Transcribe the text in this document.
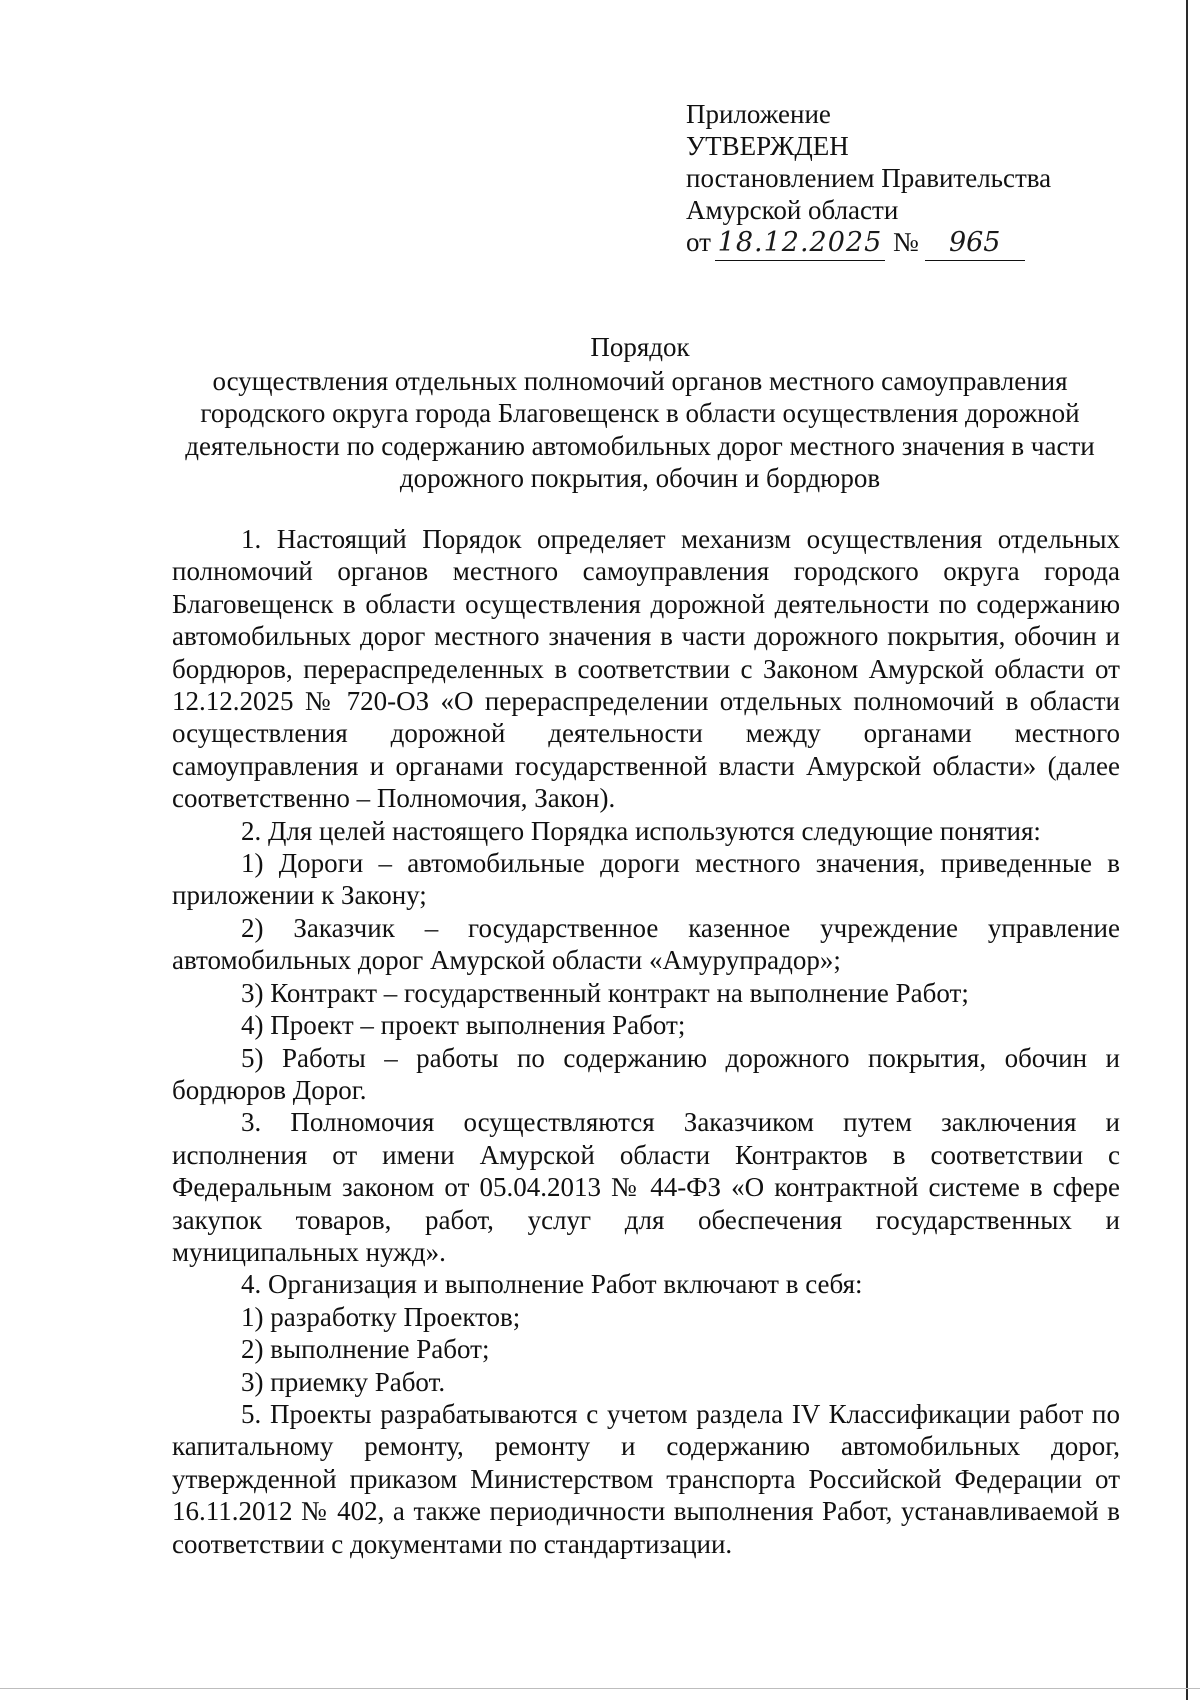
Приложение
УТВЕРЖДЕН
постановлением Правительства
Амурской области
от 18.12.2025 №	965
Порядок
осуществления отдельных полномочий органов местного самоуправления городского округа города Благовещенск в области осуществления дорожной деятельности по содержанию автомобильных дорог местного значения в части дорожного покрытия, обочин и бордюров

1. Настоящий Порядок определяет механизм осуществления отдельных полномочий органов местного самоуправления городского округа города Благовещенск в области осуществления дорожной деятельности по содержанию автомобильных дорог местного значения в части дорожного покрытия, обочин и бордюров, перераспределенных в соответствии с Законом Амурской области от 12.12.2025 № 720-ОЗ «О перераспределении отдельных полномочий в области осуществления дорожной деятельности между органами местного самоуправления и органами государственной власти Амурской области» (далее соответственно – Полномочия, Закон).

2. Для целей настоящего Порядка используются следующие понятия:

1) Дороги – автомобильные дороги местного значения, приведенные в приложении к Закону;

2) Заказчик – государственное казенное учреждение управление автомобильных дорог Амурской области «Амурупрадор»;

3) Контракт – государственный контракт на выполнение Работ;

4) Проект – проект выполнения Работ;

5) Работы – работы по содержанию дорожного покрытия, обочин и бордюров Дорог.

3. Полномочия осуществляются Заказчиком путем заключения и исполнения от имени Амурской области Контрактов в соответствии с Федеральным законом от 05.04.2013 № 44-ФЗ «О контрактной системе в сфере закупок товаров, работ, услуг для обеспечения государственных и муниципальных нужд».

4. Организация и выполнение Работ включают в себя:

1) разработку Проектов;

2) выполнение Работ;

3) приемку Работ.

5. Проекты разрабатываются с учетом раздела IV Классификации работ по капитальному ремонту, ремонту и содержанию автомобильных дорог, утвержденной приказом Министерством транспорта Российской Федерации от 16.11.2012 № 402, а также периодичности выполнения Работ, устанавливаемой в соответствии с документами по стандартизации.
